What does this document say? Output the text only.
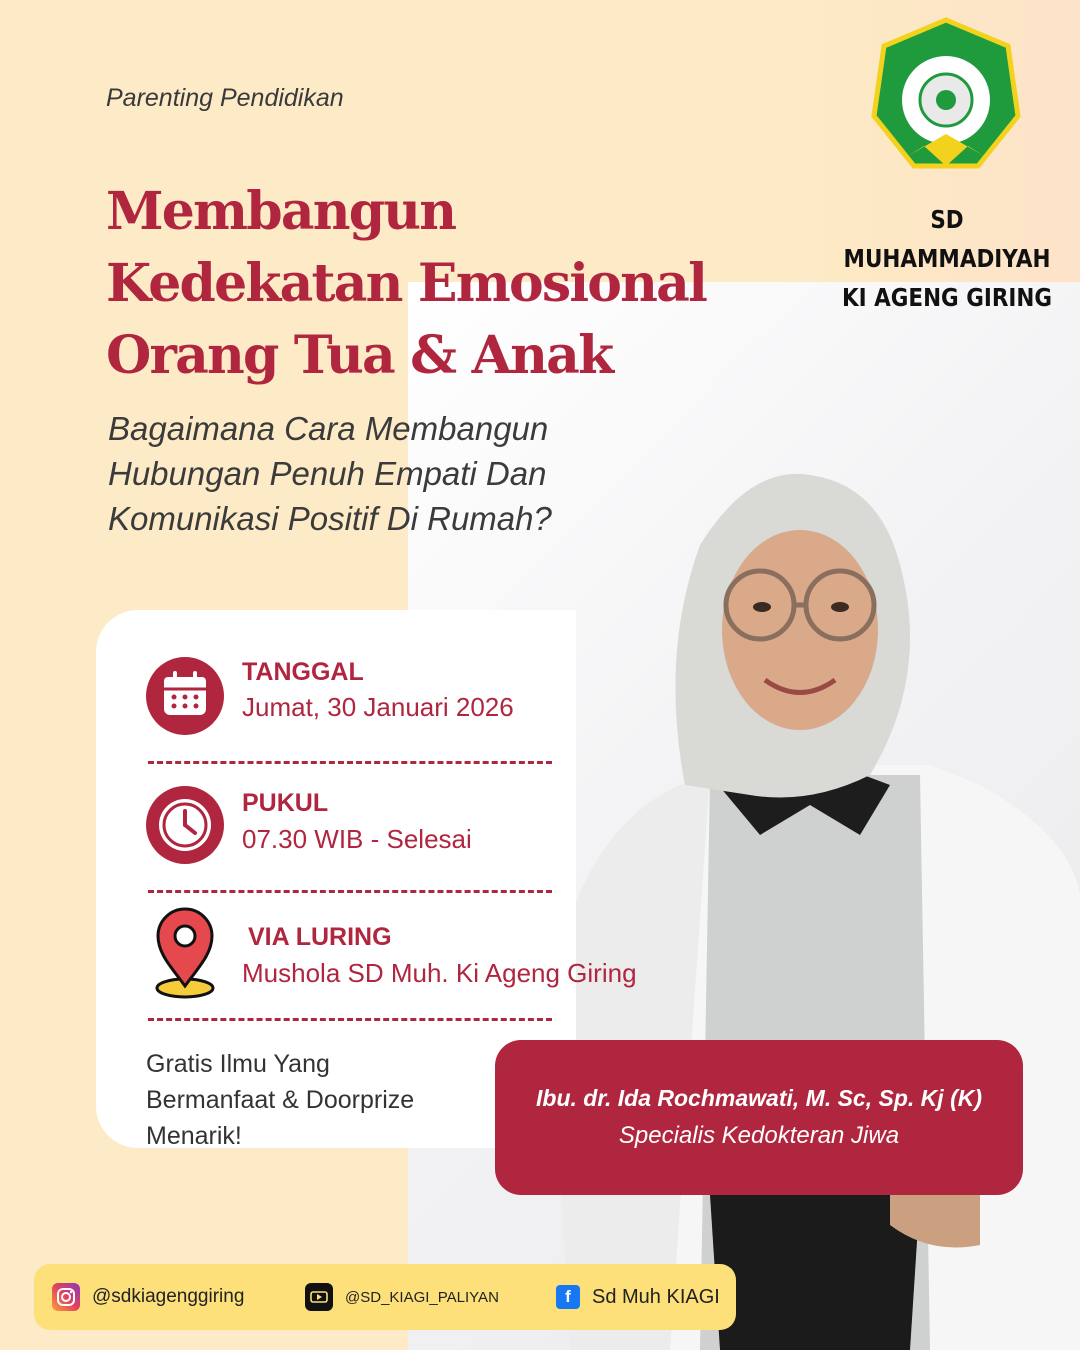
SD MUHAMMADIYAH
KI AGENG GIRING
Parenting Pendidikan
Membangun
Kedekatan Emosional
Orang Tua & Anak
Bagaimana Cara Membangun
Hubungan Penuh Empati Dan
Komunikasi Positif Di Rumah?
TANGGAL
Jumat, 30 Januari 2026
PUKUL
07.30 WIB - Selesai
VIA LURING
Mushola SD Muh. Ki Ageng Giring
Gratis Ilmu Yang
Bermanfaat & Doorprize
Menarik!
Ibu. dr. Ida Rochmawati, M. Sc, Sp. Kj (K)
Specialis Kedokteran Jiwa
@sdkiagenggiring	@SD_KIAGI_PALIYAN	f Sd Muh KIAGI
